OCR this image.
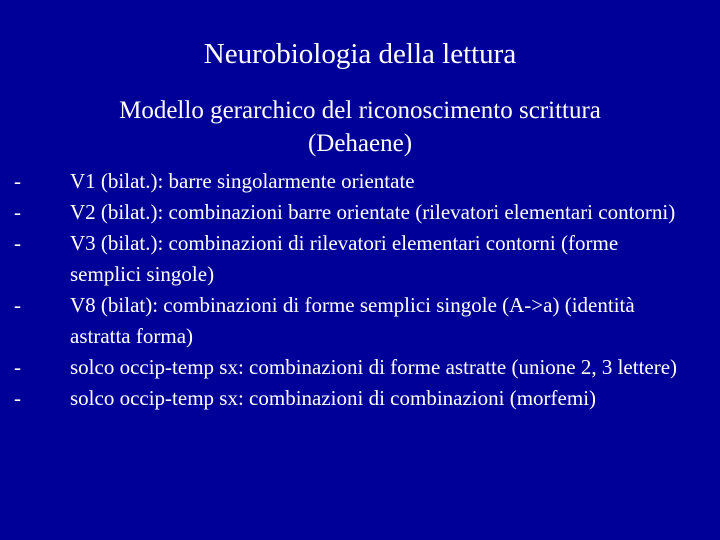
Neurobiologia della lettura
Modello gerarchico del riconoscimento scrittura
(Dehaene)
-	V1 (bilat.): barre singolarmente orientate
-	V2 (bilat.): combinazioni barre orientate (rilevatori elementari contorni)
-	V3 (bilat.): combinazioni di rilevatori elementari contorni (forme semplici singole)
-	V8 (bilat): combinazioni di forme semplici singole (A->a) (identità astratta forma)
-	solco occip-temp sx: combinazioni di forme astratte (unione 2, 3 lettere)
-	solco occip-temp sx: combinazioni di combinazioni (morfemi)
